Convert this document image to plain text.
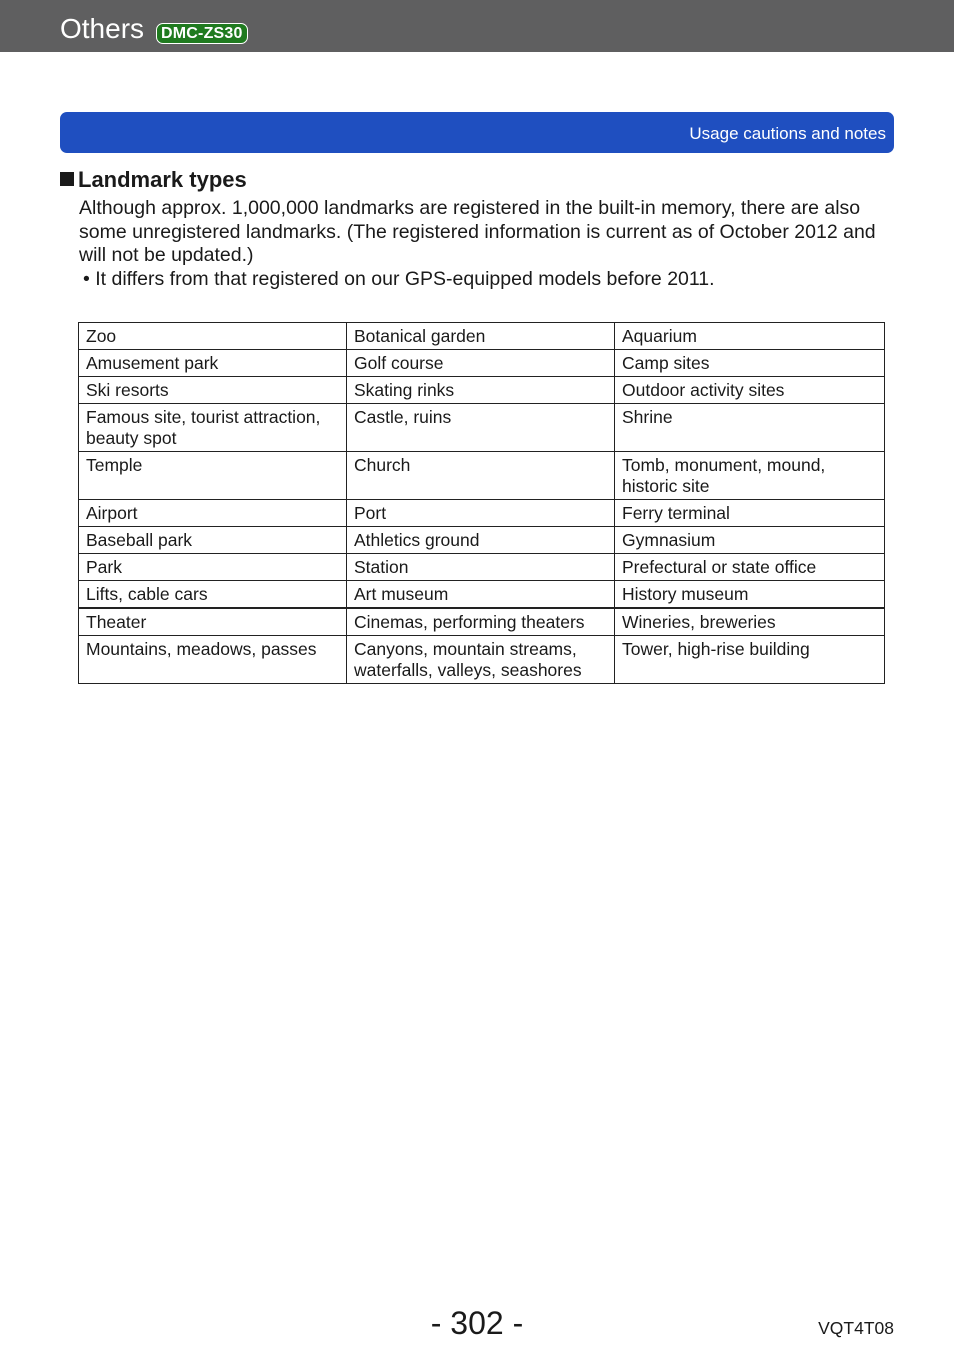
Others	DMC-ZS30
Usage cautions and notes
Landmark types
Although approx. 1,000,000 landmarks are registered in the built-in memory, there are also some unregistered landmarks. (The registered information is current as of October 2012 and will not be updated.)
• It differs from that registered on our GPS-equipped models before 2011.
Zoo	Botanical garden	Aquarium
Amusement park	Golf course	Camp sites
Ski resorts	Skating rinks	Outdoor activity sites
Famous site, tourist attraction, beauty spot	Castle, ruins	Shrine
Temple	Church	Tomb, monument, mound, historic site
Airport	Port	Ferry terminal
Baseball park	Athletics ground	Gymnasium
Park	Station	Prefectural or state office
Lifts, cable cars	Art museum	History museum
Theater	Cinemas, performing theaters	Wineries, breweries
Mountains, meadows, passes	Canyons, mountain streams, waterfalls, valleys, seashores	Tower, high-rise building
- 302 -	VQT4T08
